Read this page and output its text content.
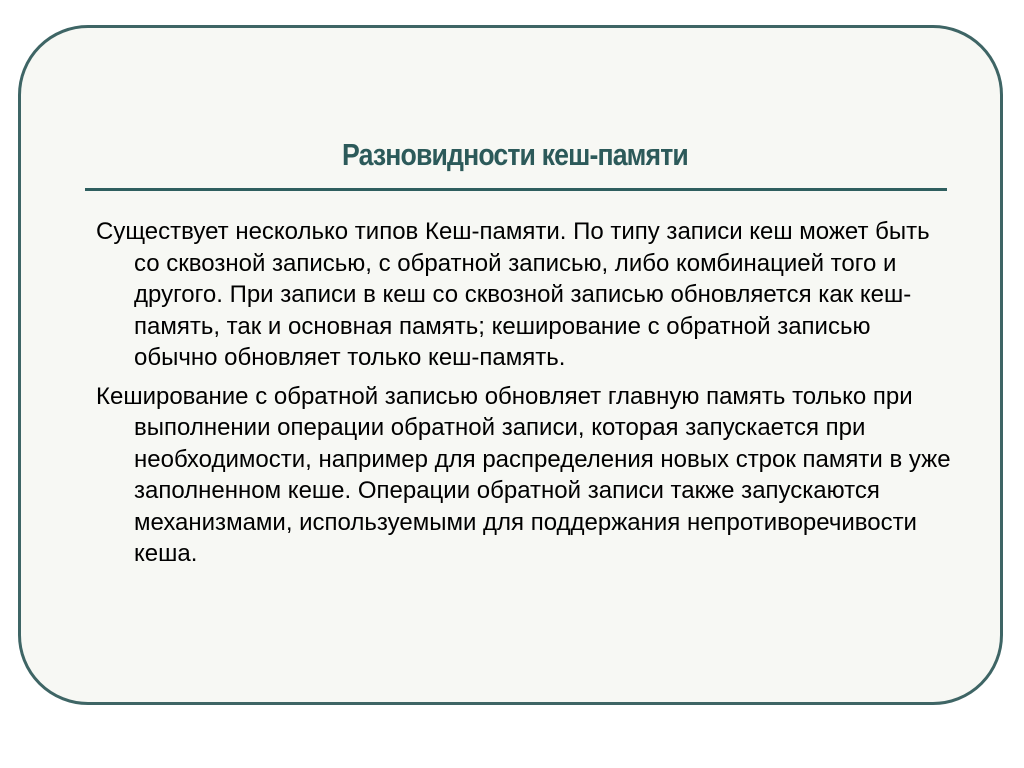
Разновидности кеш-памяти

Существует несколько типов Кеш-памяти. По типу записи кеш может быть со сквозной записью, с обратной записью, либо комбинацией того и другого. При записи в кеш со сквозной записью обновляется как кеш-память, так и основная память; кеширование с обратной записью обычно обновляет только кеш-память.

Кеширование с обратной записью обновляет главную память только при выполнении операции обратной записи, которая запускается при необходимости, например для распределения новых строк памяти в уже заполненном кеше. Операции обратной записи также запускаются механизмами, используемыми для поддержания непротиворечивости кеша.
